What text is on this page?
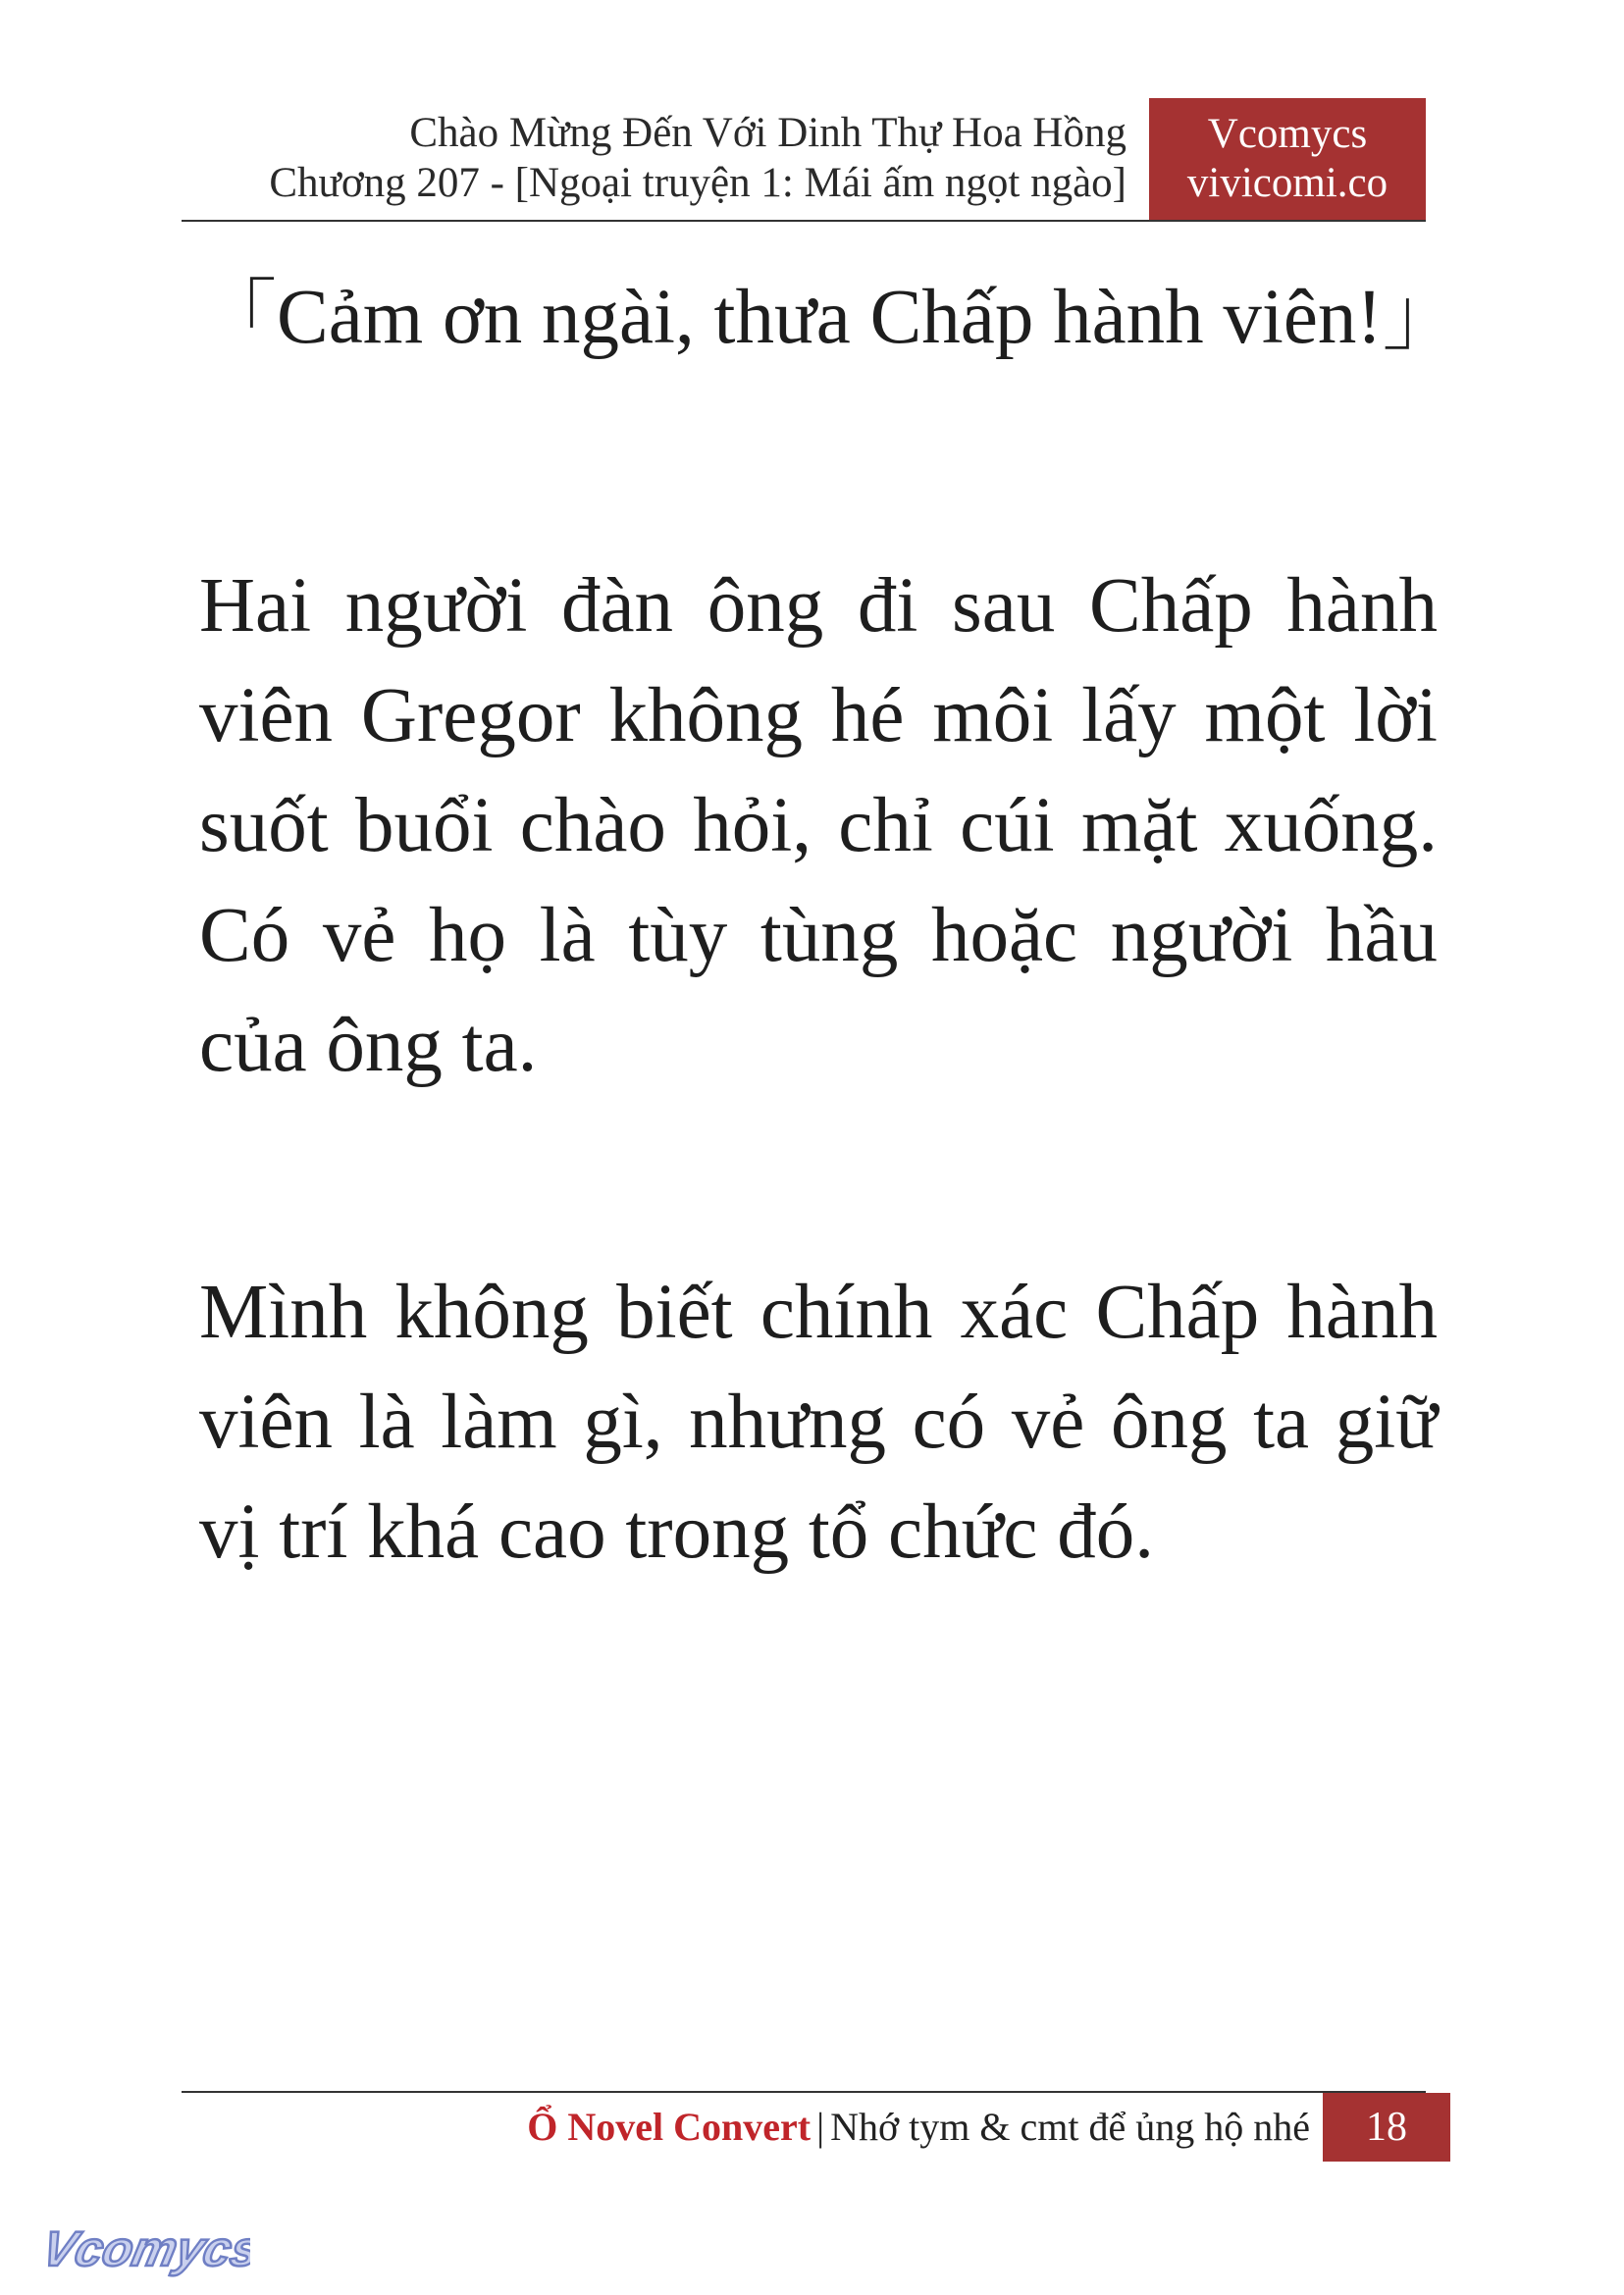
Chào Mừng Đến Với Dinh Thự Hoa Hồng
Chương 207 - [Ngoại truyện 1: Mái ấm ngọt ngào]
Vcomycs
vivicomi.co

「Cảm ơn ngài, thưa Chấp hành viên!」

Hai người đàn ông đi sau Chấp hành viên Gregor không hé môi lấy một lời suốt buổi chào hỏi, chỉ cúi mặt xuống. Có vẻ họ là tùy tùng hoặc người hầu của ông ta.

Mình không biết chính xác Chấp hành viên là làm gì, nhưng có vẻ ông ta giữ vị trí khá cao trong tổ chức đó.

Ổ Novel Convert | Nhớ tym & cmt để ủng hộ nhé	18
Vcomycs
